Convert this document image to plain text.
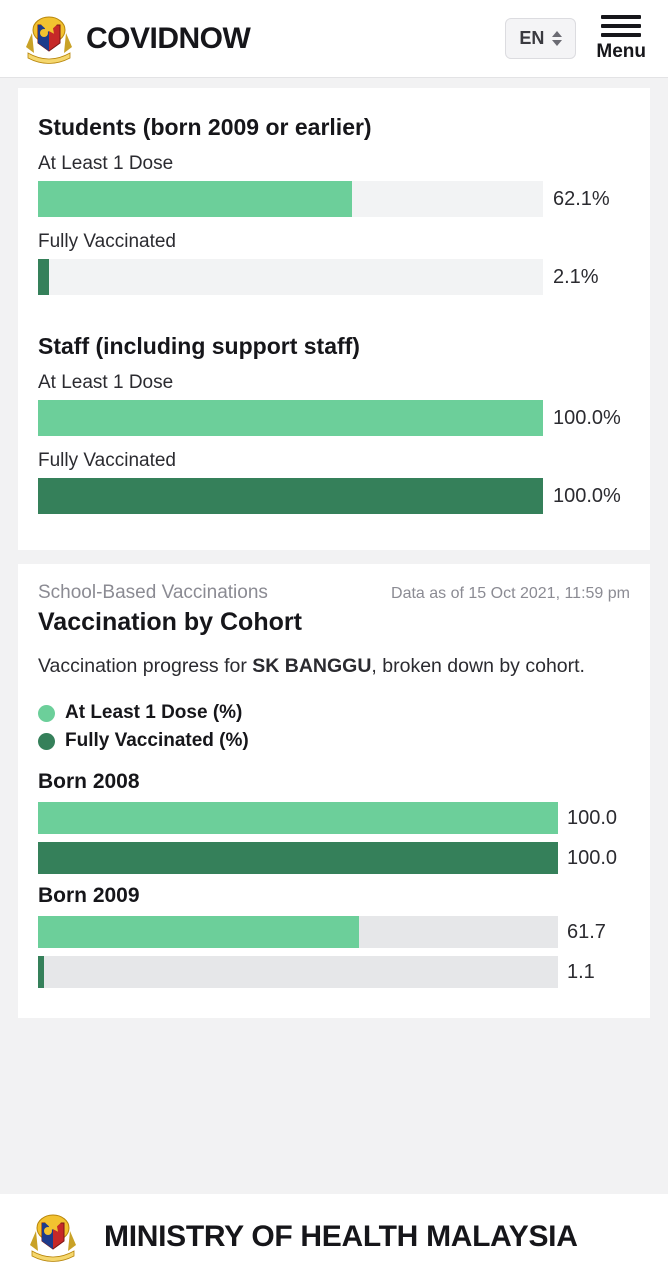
COVIDNOW	EN
Menu
Students (born 2009 or earlier)
At Least 1 Dose
62.1%
Fully Vaccinated
2.1%
Staff (including support staff)
At Least 1 Dose
100.0%
Fully Vaccinated
100.0%
School-Based Vaccinations	Data as of 15 Oct 2021, 11:59 pm
Vaccination by Cohort
Vaccination progress for SK BANGGU, broken down by cohort.
At Least 1 Dose (%)
Fully Vaccinated (%)
Born 2008
100.0
100.0
Born 2009
61.7
1.1
MINISTRY OF HEALTH MALAYSIA
